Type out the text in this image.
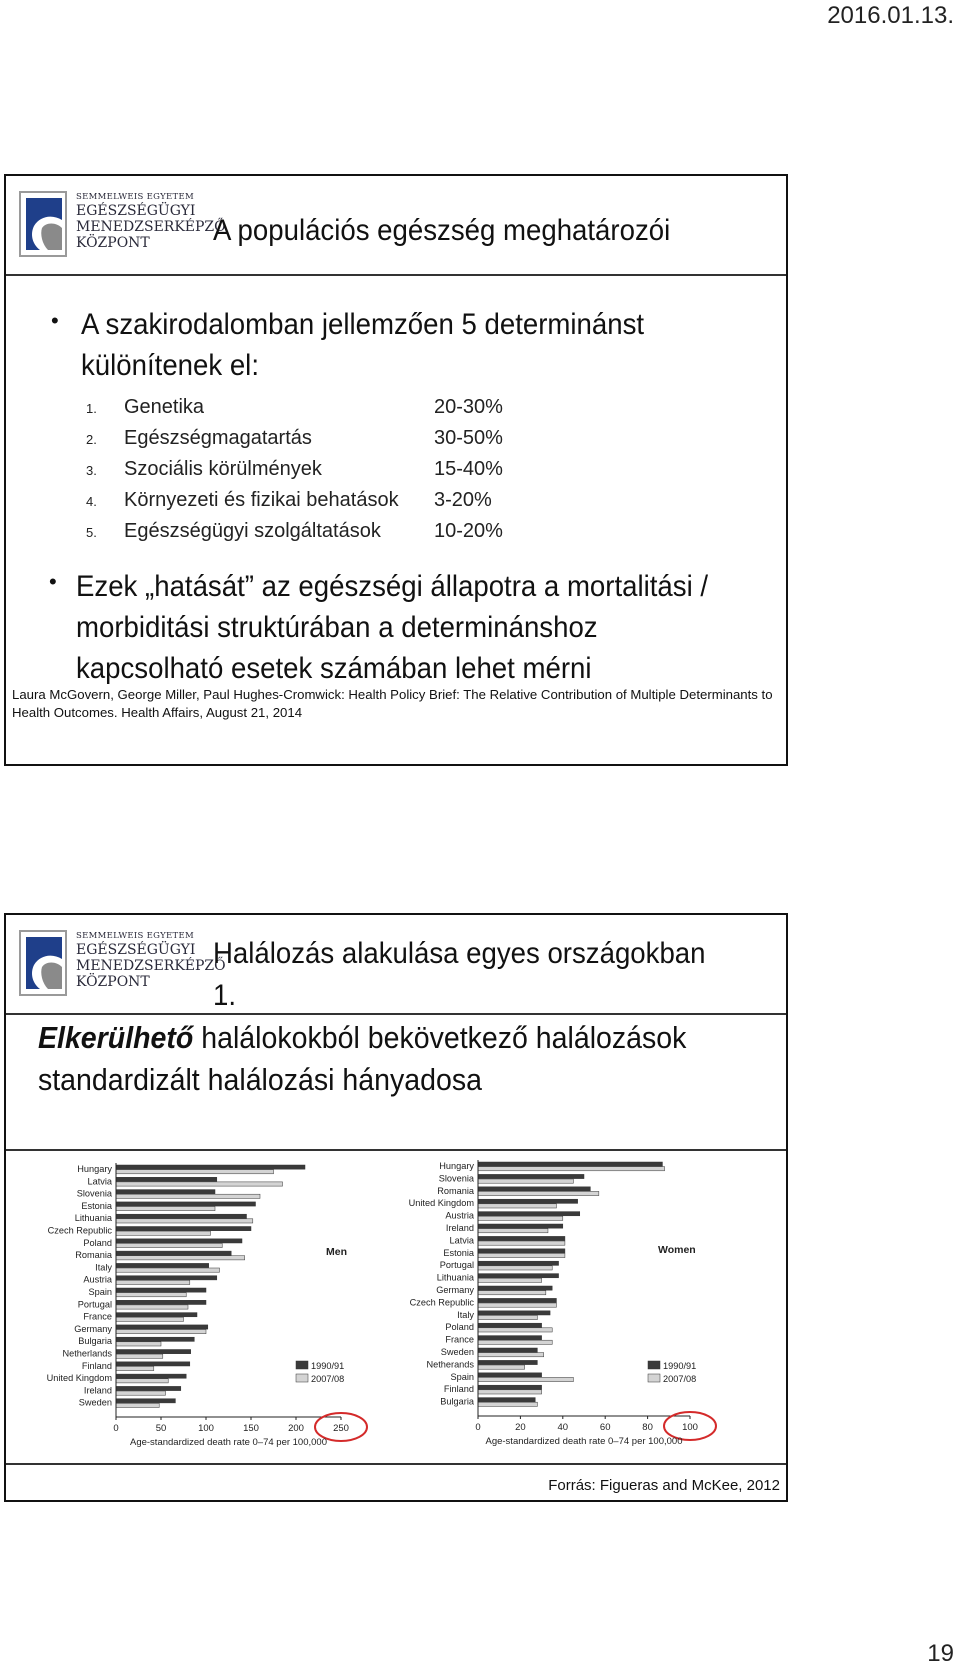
2016.01.13.
SEMMELWEIS EGYETEM
EGÉSZSÉGÜGYI
MENEDZSERKÉPZŐ
KÖZPONT	A populációs egészség meghatározói
• A szakirodalomban jellemzően 5 determinánst különítenek el:
1. Genetika	20-30%
2. Egészségmagatartás	30-50%
3. Szociális körülmények	15-40%
4. Környezeti és fizikai behatások 3-20%
5. Egészségügyi szolgáltatások	10-20%
• Ezek „hatását” az egészségi állapotra a mortalitási / morbiditási struktúrában a determinánshoz kapcsolható esetek számában lehet mérni
Laura McGovern, George Miller, Paul Hughes-Cromwick: Health Policy Brief: The Relative Contribution of Multiple Determinants to Health Outcomes. Health Affairs, August 21, 2014
SEMMELWEIS EGYETEM
EGÉSZSÉGÜGYI
MENEDZSERKÉPZŐ
KÖZPONT
Halálozás alakulása egyes országokban 1.
Elkerülhető halálokokból bekövetkező halálozások standardizált halálozási hányadosa
Hungary
Latvia
Slovenia
Estonia
Lithuania
Czech Republic
Poland
Romania
Italy
Austria
Spain
Portugal
France
Germany
Bulgaria
Netherlands
Finland
United Kingdom
Ireland
Sweden
0	50	100	150	200	250
Age-standardized death rate 0–74 per 100,000
Men
1990/91
2007/08
Hungary
Slovenia
Romania
United Kingdom
Austria
Ireland
Latvia
Estonia
Portugal
Lithuania
Germany
Czech Republic
Italy
Poland
France
Sweden
Netherands
Spain
Finland
Bulgaria
0	20	40	60	80	100
Age-standardized death rate 0–74 per 100,000
Women
1990/91
2007/08
Forrás: Figueras and McKee, 2012
19
